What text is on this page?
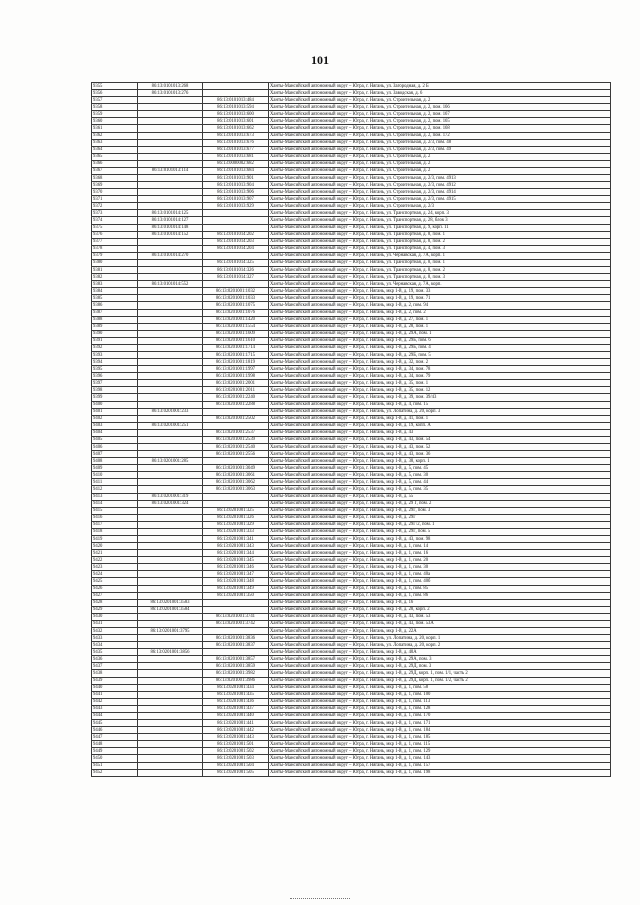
101
9355	86:13:0101013:268		Ханты-Мансийский автономный округ – Югра, г. Нягань, ул. Загородная, д. 2 Б
9356	86:13:0101013:276		Ханты-Мансийский автономный округ – Югра, г. Нягань, ул. Заводская, д. 6
9357		86:13:0101013:484	Ханты-Мансийский автономный округ – Югра, г. Нягань, ул. Строительная, д. 2
9358		86:13:0101013:594	Ханты-Мансийский автономный округ – Югра, г. Нягань, ул. Строительная, д. 2, пом. 166
9359		86:13:0101013:600	Ханты-Мансийский автономный округ – Югра, г. Нягань, ул. Строительная, д. 2, пом. 167
9360		86:13:0101013:601	Ханты-Мансийский автономный округ – Югра, г. Нягань, ул. Строительная, д. 2, пом. 165
9361		86:13:0101013:662	Ханты-Мансийский автономный округ – Югра, г. Нягань, ул. Строительная, д. 2, пом. 168
9362		86:13:0101013:673	Ханты-Мансийский автономный округ – Югра, г. Нягань, ул. Строительная, д. 2, пом. 172
9363		86:13:0101013:676	Ханты-Мансийский автономный округ – Югра, г. Нягань, ул. Строительная, д. 2/3, пом. 48
9364		86:13:0101013:677	Ханты-Мансийский автономный округ – Югра, г. Нягань, ул. Строительная, д. 2/3, пом. 49
9365		86:13:0101013:681	Ханты-Мансийский автономный округ – Югра, г. Нягань, ул. Строительная, д. 2
9366		86:13:0000002:682	Ханты-Мансийский автономный округ – Югра, г. Нягань, ул. Строительная, д. 2
9367	86:13:0101013:114	86:13:0101013:684	Ханты-Мансийский автономный округ – Югра, г. Нягань, ул. Строительная, д. 2
9368		86:13:0101013:901	Ханты-Мансийский автономный округ – Югра, г. Нягань, ул. Строительная, д. 2/3, пом. 4913
9369		86:13:0101013:904	Ханты-Мансийский автономный округ – Югра, г. Нягань, ул. Строительная, д. 2/3, пом. 4912
9370		86:13:0101013:906	Ханты-Мансийский автономный округ – Югра, г. Нягань, ул. Строительная, д. 2/3, пом. 4914
9371		86:13:0101013:907	Ханты-Мансийский автономный округ – Югра, г. Нягань, ул. Строительная, д. 2/3, пом. 4915
9372		86:13:0101013:929	Ханты-Мансийский автономный округ – Югра, г. Нягань, ул. Строительная, д. 2/3
9373	86:13:0101014:125		Ханты-Мансийский автономный округ – Югра, г. Нягань, ул. Транспортная, д. 24, корп. 3
9374	86:13:0101014:127		Ханты-Мансийский автономный округ – Югра, г. Нягань, ул. Транспортная, д. 28, блок 3
9375	86:13:0101014:148		Ханты-Мансийский автономный округ – Югра, г. Нягань, ул. Транспортная, д. 9, корп. 11
9376	86:13:0101014:152	86:13:0101014:202	Ханты-Мансийский автономный округ – Югра, г. Нягань, ул. Транспортная, д. 8, пом. 1
9377		86:13:0101014:203	Ханты-Мансийский автономный округ – Югра, г. Нягань, ул. Транспортная, д. 8, пом. 2
9378		86:13:0101014:204	Ханты-Мансийский автономный округ – Югра, г. Нягань, ул. Транспортная, д. 4, пом. 3
9379	86:13:0101014:270		Ханты-Мансийский автономный округ – Югра, г. Нягань, ул. Чернавская, д. 7А, корп. 1
9380		86:13:0101014:325	Ханты-Мансийский автономный округ – Югра, г. Нягань, ул. Транспортная, д. 8, пом. 1
9381		86:13:0101014:326	Ханты-Мансийский автономный округ – Югра, г. Нягань, ул. Транспортная, д. 8, пом. 2
9382		86:13:0101014:327	Ханты-Мансийский автономный округ – Югра, г. Нягань, ул. Транспортная, д. 8, пом. 3
9383	86:13:0101014:552		Ханты-Мансийский автономный округ – Югра, г. Нягань, ул. Чернавская, д. 7А, корп.
9384		86:13:0201001:1032	Ханты-Мансийский автономный округ – Югра, г. Нягань, мкр 1-й, д. 19, пом. 33
9385		86:13:0201001:1033	Ханты-Мансийский автономный округ – Югра, г. Нягань, мкр 1-й, д. 19, пом. 71
9386		86:13:0201001:1075	Ханты-Мансийский автономный округ – Югра, г. Нягань, мкр 1-й, д. 2, пом. 94
9387		86:13:0201001:1076	Ханты-Мансийский автономный округ – Югра, г. Нягань, мкр 1-й, д. 2, пом. 2
9388		86:13:0201001:1420	Ханты-Мансийский автономный округ – Югра, г. Нягань, мкр 1-й, д. 27, пом. 1
9389		86:13:0201001:1554	Ханты-Мансийский автономный округ – Югра, г. Нягань, мкр 1-й, д. 28, пом. 1
9390		86:13:0201001:1609	Ханты-Мансийский автономный округ – Югра, г. Нягань, мкр 1-й, д. 29А, пом. 1
9391		86:13:0201001:1610	Ханты-Мансийский автономный округ – Югра, г. Нягань, мкр 1-й, д. 29Б, пом. 6
9392		86:13:0201001:1714	Ханты-Мансийский автономный округ – Югра, г. Нягань, мкр 1-й, д. 29Б, пом. 4
9393		86:13:0201001:1715	Ханты-Мансийский автономный округ – Югра, г. Нягань, мкр 1-й, д. 29Б, пом. 5
9394		86:13:0201001:1819	Ханты-Мансийский автономный округ – Югра, г. Нягань, мкр 1-й, д. 32, пом. 2
9395		86:13:0201001:1997	Ханты-Мансийский автономный округ – Югра, г. Нягань, мкр 1-й, д. 34, пом. 78
9396		86:13:0201001:1998	Ханты-Мансийский автономный округ – Югра, г. Нягань, мкр 1-й, д. 34, пом. 79
9397		86:13:0201001:2001	Ханты-Мансийский автономный округ – Югра, г. Нягань, мкр 1-й, д. 35, пом. 1
9398		86:13:0201001:2011	Ханты-Мансийский автономный округ – Югра, г. Нягань, мкр 1-й, д. 35, пом. 12
9399		86:13:0201001:2240	Ханты-Мансийский автономный округ – Югра, г. Нягань, мкр 1-й, д. 39, пом. 39/43
9400		86:13:0201001:2288	Ханты-Мансийский автономный округ – Югра, г. Нягань, мкр 1-й, д. 4, пом. 15
9401	86:13:0201001:233		Ханты-Мансийский автономный округ – Югра, г. Нягань, ул. Лопатина, д. 20, корп. 3
9402		86:13:0201001:2502	Ханты-Мансийский автономный округ – Югра, г. Нягань, мкр 1-й, д. 41, пом. 1
9403	86:13:0201001:251		Ханты-Мансийский автономный округ – Югра, г. Нягань, мкр 1-й, д. 19, копп. А
9404		86:13:0201001:2537	Ханты-Мансийский автономный округ – Югра, г. Нягань, мкр 1-й, д. 43
9405		86:13:0201001:2539	Ханты-Мансийский автономный округ – Югра, г. Нягань, мкр 1-й, д. 43, пом. 54
9406		86:13:0201001:2540	Ханты-Мансийский автономный округ – Югра, г. Нягань, мкр 1-й, д. 43, пом. 52
9407		86:13:0201001:2556	Ханты-Мансийский автономный округ – Югра, г. Нягань, мкр 1-й, д. 43, пом. 36
9408	86:13:0201001:285		Ханты-Мансийский автономный округ – Югра, г. Нягань, мкр 1-й, д. 38, корп. 1
9409		86:13:0201001:3049	Ханты-Мансийский автономный округ – Югра, г. Нягань, мкр 1-й, д. 5, пом. 45
9410		86:13:0201001:3061	Ханты-Мансийский автономный округ – Югра, г. Нягань, мкр 1-й, д. 5, пом. 30
9411		86:13:0201001:3062	Ханты-Мансийский автономный округ – Югра, г. Нягань, мкр 1-й, д. 5, пом. 44
9412		86:13:0201001:3063	Ханты-Мансийский автономный округ – Югра, г. Нягань, мкр 1-й, д. 5, пом. 35
9413	86:13:0201001:319		Ханты-Мансийский автономный округ – Югра, г. Нягань, мкр 1-й, д. 55
9414	86:13:0201001:324		Ханты-Мансийский автономный округ – Югра, г. Нягань, мкр 1-й, д. 29 Г, пом. 2
9415		86:13:0201001:325	Ханты-Мансийский автономный округ – Югра, г. Нягань, мкр 1-й, д. 29Г, пом. 3
9416		86:13:0201001:326	Ханты-Мансийский автономный округ – Югра, г. Нягань, мкр 1-й, д. 29Г
9417		86:13:0201001:329	Ханты-Мансийский автономный округ – Югра, г. Нягань, мкр 1-й, д. 29Г/2, пом. 1
9418		86:13:0201001:333	Ханты-Мансийский автономный округ – Югра, г. Нягань, мкр 1-й, д. 29Г, пом. 5
9419		86:13:0201001:341	Ханты-Мансийский автономный округ – Югра, г. Нягань, мкр 1-й, д. 43, пом. 98
9420		86:13:0201001:343	Ханты-Мансийский автономный округ – Югра, г. Нягань, мкр 1-й, д. 1, пом. 14
9421		86:13:0201001:344	Ханты-Мансийский автономный округ – Югра, г. Нягань, мкр 1-й, д. 1, пом. 16
9422		86:13:0201001:345	Ханты-Мансийский автономный округ – Югра, г. Нягань, мкр 1-й, д. 1, пом. 20
9423		86:13:0201001:346	Ханты-Мансийский автономный округ – Югра, г. Нягань, мкр 1-й, д. 1, пом. 30
9424		86:13:0201001:347	Ханты-Мансийский автономный округ – Югра, г. Нягань, мкр 1-й, д. 1, пом. 40а
9425		86:13:0201001:348	Ханты-Мансийский автономный округ – Югра, г. Нягань, мкр 1-й, д. 1, пом. 40б
9426		86:13:0201001:349	Ханты-Мансийский автономный округ – Югра, г. Нягань, мкр 1-й, д. 1, пом. 85
9427		86:13:0201001:350	Ханты-Мансийский автономный округ – Югра, г. Нягань, мкр 1-й, д. 1, пом. 86
9428	86:13:0201001:3583		Ханты-Мансийский автономный округ – Югра, г. Нягань, мкр 1-й, д. 16
9429	86:13:0201001:3584		Ханты-Мансийский автономный округ – Югра, г. Нягань, мкр 1-й, д. 28, корп. 2
9430		86:13:0201001:3741	Ханты-Мансийский автономный округ – Югра, г. Нягань, мкр 1-й, д. 43, пом. 53
9431		86:13:0201001:3742	Ханты-Мансийский автономный округ – Югра, г. Нягань, мкр 1-й, д. 43, пом. 53А
9432	86:13:0201001:3795		Ханты-Мансийский автономный округ – Югра, г. Нягань, мкр 1-й, д. 22А
9433		86:13:0201001:3836	Ханты-Мансийский автономный округ – Югра, г. Нягань, ул. Лопатина, д. 20, корп. 1
9434		86:13:0201001:3837	Ханты-Мансийский автономный округ – Югра, г. Нягань, ул. Лопатина, д. 20, корп. 2
9435	86:13:0201001:3856		Ханты-Мансийский автономный округ – Югра, г. Нягань, мкр 1-й, д. 40А
9436		86:13:0201001:3857	Ханты-Мансийский автономный округ – Югра, г. Нягань, мкр 1-й, д. 29А, пом. 3
9437		86:13:0201001:3859	Ханты-Мансийский автономный округ – Югра, г. Нягань, мкр 1-й, д. 29Д, пом. 3
9438		86:13:0201001:3982	Ханты-Мансийский автономный округ – Югра, г. Нягань, мкр 1-й, д. 29Д, корп. 1, пом. 1/1, часть 2
9439		86:13:0201001:3986	Ханты-Мансийский автономный округ – Югра, г. Нягань, мкр 1-й, д. 29Д, корп. 1, пом. 1/2, часть 2
9440		86:13:0201001:434	Ханты-Мансийский автономный округ – Югра, г. Нягань, мкр 1-й, д. 1, пом. 58
9441		86:13:0201001:435	Ханты-Мансийский автономный округ – Югра, г. Нягань, мкр 1-й, д. 1, пом. 100
9442		86:13:0201001:436	Ханты-Мансийский автономный округ – Югра, г. Нягань, мкр 1-й, д. 1, пом. 113
9443		86:13:0201001:437	Ханты-Мансийский автономный округ – Югра, г. Нягань, мкр 1-й, д. 1, пом. 128
9444		86:13:0201001:440	Ханты-Мансийский автономный округ – Югра, г. Нягань, мкр 1-й, д. 1, пом. 170
9445		86:13:0201001:441	Ханты-Мансийский автономный округ – Югра, г. Нягань, мкр 1-й, д. 1, пом. 171
9446		86:13:0201001:442	Ханты-Мансийский автономный округ – Югра, г. Нягань, мкр 1-й, д. 1, пом. 184
9447		86:13:0201001:443	Ханты-Мансийский автономный округ – Югра, г. Нягань, мкр 1-й, д. 1, пом. 185
9448		86:13:0201001:501	Ханты-Мансийский автономный округ – Югра, г. Нягань, мкр 1-й, д. 1, пом. 115
9449		86:13:0201001:502	Ханты-Мансийский автономный округ – Югра, г. Нягань, мкр 1-й, д. 1, пом. 129
9450		86:13:0201001:503	Ханты-Мансийский автономный округ – Югра, г. Нягань, мкр 1-й, д. 1, пом. 143
9451		86:13:0201001:504	Ханты-Мансийский автономный округ – Югра, г. Нягань, мкр 1-й, д. 1, пом. 157
9452		86:13:0201001:505	Ханты-Мансийский автономный округ – Югра, г. Нягань, мкр 1-й, д. 1, пом. 198
